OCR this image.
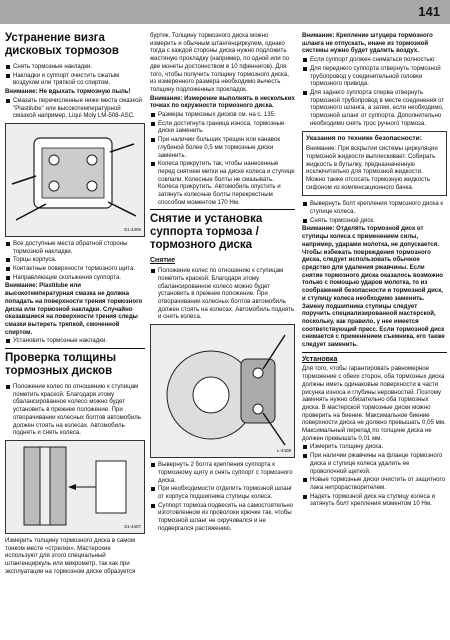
141
Устранение визга дисковых тормозов
Снять тормозные накладки.
Накладки и суппорт очистить сжатым воздухом или тряпкой со спиртом.
Внимание: Не вдыхать тормозную пыль!
Смазать перечисленные ниже места смазкой "Plastilube" или высокотемпературной смазкой например, Liqui Moly LM-508-ASC.
S1-4406
Все доступные места обратной стороны тормозной накладки.
Торцы корпуса.
Контактные поверхности тормозного щита.
Направляющие скольжения суппорта.
Внимание: Plastilube или высокотемпературная смазка не должна попадать на поверхности трения тормозного диска или тормозной накладки. Случайно оказавшиеся на поверхности трения следы смазки вытереть тряпкой, смоченной спиртом.
Установить тормозные накладки.
Проверка толщины тормозных дисков
Положение колес по отношению к ступицам пометить краской. Благодаря этому сбалансированное колесо можно будет установить в прежнее положение. При отворачивании колесных болтов автомобиль должен стоять на колесах. Автомобиль поднять и снять колеса.
S1-4407
Измерить толщину тормозного диска в самом тонком месте «стрелки». Мастерские используют для этого специальный штангенциркуль или микрометр, так как при эксплуатации на тормозном диске образуется
буртик. Толщину тормозного диска можно измерить и обычным штангенциркулем, однако тогда с каждой стороны диска нужно подложить жестяную прокладку (например, по одной или по две монеты достоинством в 10 пфеннигов). Для того, чтобы получить толщину тормозного диска, из измеренного размера необходимо вычесть толщину подложенных прокладок.
Внимание: Измерение выполнять в нескольких точках по окружности тормозного диска.
Размеры тормозных дисков см. на с. 135.
Если достигнута граница износа, тормозные диски заменить.
При наличии больших трещин или канавок глубиной более 0,5 мм тормозные диски заменить.
Колеса прикрутить так, чтобы нанесенные перед снятием метки на диске колеса и ступице совпали. Колесные болты не смазывать. Колеса прикрутить. Автомобиль опустить и затянуть колесные болты перекрестным способом моментом 170 Нм.
Снятие и установка суппорта тормоза / тормозного диска
Снятие
Положение колес по отношению к ступицам пометить краской. Благодаря этому сбалансированное колесо можно будет установить в прежнее положение. При отворачивании колесных болтов автомобиль должен стоять на колесах. Автомобиль поднять и снять колеса.
L-4408
Вывернуть 2 болта крепления суппорта к тормозному щиту и снять суппорт с тормозного диска.
При необходимости отделить тормозной шланг от корпуса подшипника ступицы колеса.
Суппорт тормоза подвесить на самостоятельно изготовленном из проволоки крючке так, чтобы тормозной шланг не скручивался и не подвергался растяжению.
Внимание: Крепление штуцера тормозного шланга не отпускать, иначе из тормозной системы нужно будет удалить воздух.
Если суппорт должен сниматься полностью:
Для переднего суппорта отвернуть тормозной трубопровод у соединительной головки тормозного привода.
Для заднего суппорта сперва отвернуть тормозной трубопровод в месте соединения от тормозного шланга, а затем, если необходимо, тормозной шланг от суппорта. Дополнительно необходимо снять трос ручного тормоза.
Указания по технике безопасности:
Внимание: При вскрытии системы циркуляции тормозной жидкости выплескивает. Собирать жидкость в бутылку, предназначенную исключительно для тормозной жидкости. Можно также отсосать тормозную жидкость сифоном из компенсационного бачка.
Вывернуть болт крепления тормозного диска к ступице колеса.
Снять тормозной диск.
Внимание: Отделять тормозной диск от ступицы колеса с применением силы, например, ударами молотка, не допускается. Чтобы избежать повреждения тормозного диска, следует использовать обычное средство для удаления ржавчины. Если снятие тормозного диска оказалось возможно только с помощью ударов молотка, то из соображений безопасности и тормозной диск, и ступицу колеса необходимо заменить. Замену подшипника ступицы следует поручить специализированной мастерской, поскольку, как правило, у нее имеется соответствующий пресс. Если тормозной диск снимается с применением съемника, его также следует заменить.
Установка
Для того, чтобы гарантировать равномерное торможение с обеих сторон, оба тормозных диска должны иметь одинаковые поверхности в части рисунка износа и глубины неровностей. Поэтому заменять нужно обязательно оба тормозных диска. В мастерской тормозные диски можно проверить на биение. Максимальное биение поверхности диска не должно превышать 0,05 мм. Максимальный перепад по толщине диска не должен превышать 0,01 мм.
Измерить толщину диска.
При наличии ржавчины на фланце тормозного диска и ступице колеса удалить ее проволочной щеткой.
Новые тормозные диски очистить от защитного лака нитрорастворителем.
Надеть тормозной диск на ступицу колеса и затянуть болт крепления моментом 10 Нм.
